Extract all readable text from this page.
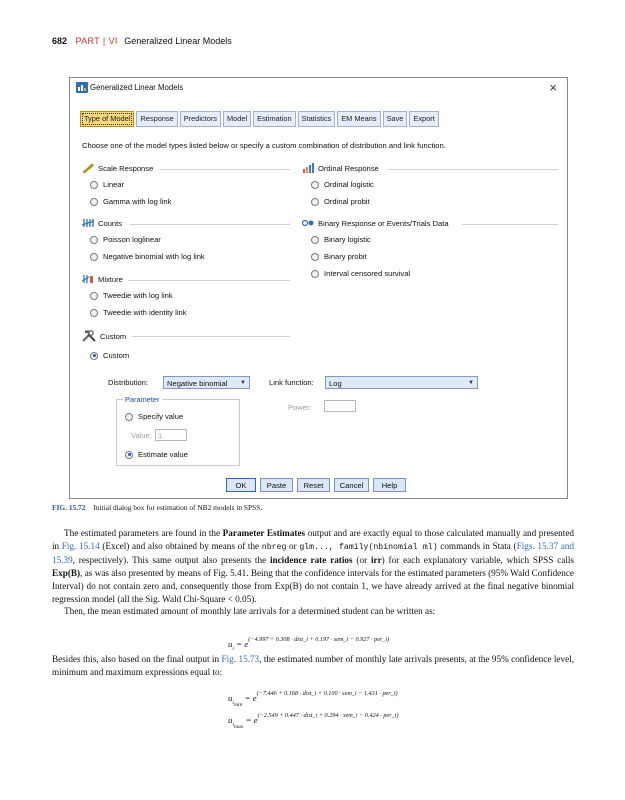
682 PART | VI Generalized Linear Models
Generalized Linear Models	×
Type of Model	Response	Predictors	Model	Estimation	Statistics	EM Means	Save	Export
Choose one of the model types listed below or specify a custom combination of distribution and link function.
Scale Response
Linear
Gamma with log link
Ordinal Response
Ordinal logistic
Ordinal probit
Counts
Poisson loglinear
Negative binomial with log link
Binary Response or Events/Trials Data
Binary logistic
Binary probit
Interval censored survival
Mixture
Tweedie with log link
Tweedie with identity link
Custom
Custom
Distribution:	Negative binomial ▼	Link function:	Log	▼
Parameter
Specify value
Value: 1
Estimate value
Power:
OK	Paste	Reset	Cancel	Help
FIG. 15.72 Initial dialog box for estimation of NB2 models in SPSS.

The estimated parameters are found in the Parameter Estimates output and are exactly equal to those calculated manually and presented in Fig. 15.14 (Excel) and also obtained by means of the nbreg or glm..., family(nbinomial ml) commands in Stata (Figs. 15.37 and 15.39, respectively). This same output also presents the incidence rate ratios (or irr) for each explanatory variable, which SPSS calls Exp(B), as was also presented by means of Fig. 5.41. Being that the confidence intervals for the estimated parameters (95% Wald Confidence Interval) do not contain zero and, consequently those from Exp(B) do not contain 1, we have already arrived at the final negative binomial regression model (all the Sig. Wald Chi-Square < 0.05).

Then, the mean estimated amount of monthly late arrivals for a determined student can be written as:

$u_i = e^{(-4.997 + 0.308 \cdot dist\_i + 0.197 \cdot sem\_i - 0.927 \cdot per\_i)}$

Besides this, also based on the final output in Fig. 15.73, the estimated number of monthly late arrivals presents, at the 95% confidence level, minimum and maximum expressions equal to:

$u_{i_{min}} = e^{(-7.446 + 0.168 \cdot dist\_i + 0.100 \cdot sem\_i - 1.431 \cdot per\_i)}$
$u_{i_{max}} = e^{(-2.549 + 0.447 \cdot dist\_i + 0.294 \cdot sem\_i - 0.424 \cdot per\_i)}$
